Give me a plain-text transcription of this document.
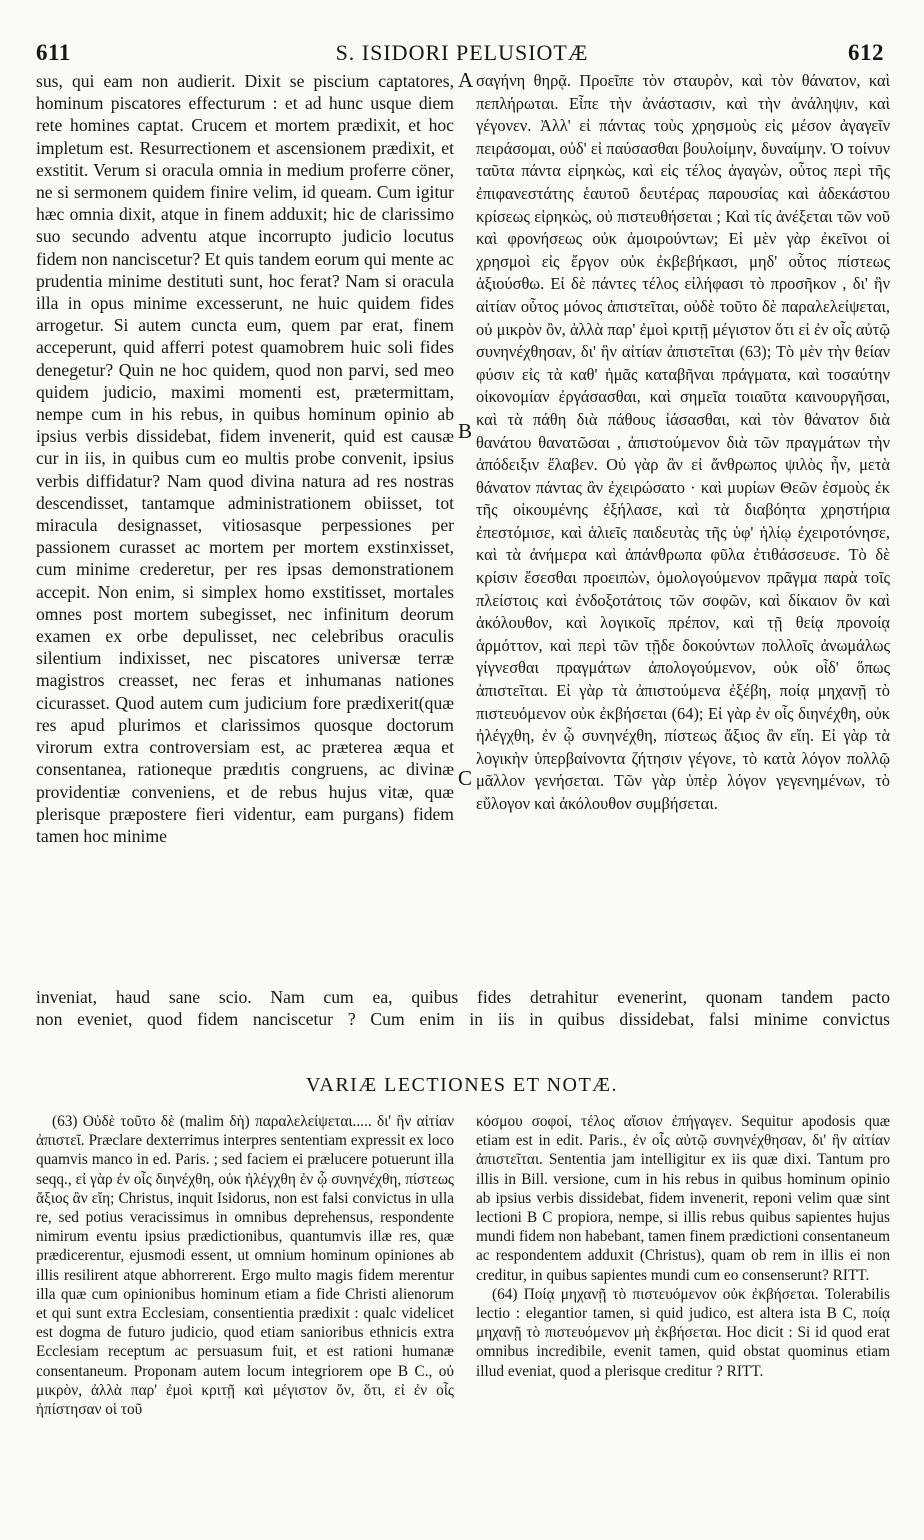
611	S. ISIDORI PELUSIOTÆ	612
sus, qui eam non audierit. Dixit se piscium captatores, hominum piscatores effecturum : et ad hunc usque diem rete homines captat. Crucem et mortem prædixit, et hoc impletum est. Resurrectionem et ascensionem prædixit, et exstitit. Verum si oracula omnia in medium proferre cöner, ne si sermonem quidem finire velim, id queam. Cum igitur hæc omnia dixit, atque in finem adduxit; hic de clarissimo suo secundo adventu atque incorrupto judicio locutus fidem non nanciscetur? Et quis tandem eorum qui mente ac prudentia minime destituti sunt, hoc ferat? Nam si oracula illa in opus minime excesserunt, ne huic quidem fides arrogetur. Si autem cuncta eum, quem par erat, finem acceperunt, quid afferri potest quamobrem huic soli fides denegetur? Quin ne hoc quidem, quod non parvi, sed meo quidem judicio, maximi momenti est, prætermittam, nempe cum in his rebus, in quibus hominum opinio ab ipsius verbis dissidebat, fidem invenerit, quid est causæ cur in iis, in quibus cum eo multis probe convenit, ipsius verbis diffidatur? Nam quod divina natura ad res nostras descendisset, tantamque administrationem obiisset, tot miracula designasset, vitiosasque perpessiones per passionem curasset ac mortem per mortem exstinxisset, cum minime crederetur, per res ipsas demonstrationem accepit. Non enim, si simplex homo exstitisset, mortales omnes post mortem subegisset, nec infinitum deorum examen ex orbe depulisset, nec celebribus oraculis silentium indixisset, nec piscatores universæ terræ magistros creasset, nec feras et inhumanas nationes cicurasset. Quod autem cum judicium fore prædixerit(quæ res apud plurimos et clarissimos quosque doctorum virorum extra controversiam est, ac præterea æqua et consentanea, rationeque prædıtis congruens, ac divinæ providentiæ conveniens, et de rebus hujus vitæ, quæ plerisque præpostere fieri videntur, eam purgans) fidem tamen hoc minime
A
B
C
σαγήνη θηρᾷ. Προεῖπε τὸν σταυρὸν, καὶ τὸν θάνατον, καὶ πεπλήρωται. Εἶπε τὴν ἀνάστασιν, καὶ τὴν ἀνάληψιν, καὶ γέγονεν. Ἀλλ' εἰ πάντας τοὺς χρησμοὺς εἰς μέσον ἀγαγεῖν πειράσομαι, οὐδ' εἰ παύσασθαι βουλοίμην, δυναίμην. Ὁ τοίνυν ταῦτα πάντα εἰρηκὼς, καὶ εἰς τέλος ἀγαγὼν, οὗτος περὶ τῆς ἐπιφανεστάτης ἑαυτοῦ δευτέρας παρουσίας καὶ ἀδεκάστου κρίσεως εἰρηκὼς, οὐ πιστευθήσεται ; Καὶ τίς ἀνέξεται τῶν νοῦ καὶ φρονήσεως οὐκ ἀμοιρούντων; Εἰ μὲν γὰρ ἐκεῖνοι οἱ χρησμοὶ εἰς ἔργον οὐκ ἐκβεβήκασι, μηδ' οὗτος πίστεως ἀξιούσθω. Εἰ δὲ πάντες τέλος εἰλήφασι τὸ προσῆκον , δι' ἣν αἰτίαν οὗτος μόνος ἀπιστεῖται, οὐδὲ τοῦτο δὲ παραλελείψεται, οὐ μικρὸν ὂν, ἀλλὰ παρ' ἐμοὶ κριτῇ μέγιστον ὅτι εἰ ἐν οἷς αὐτῷ συνηνέχθησαν, δι' ἣν αἰτίαν ἀπιστεῖται (63); Τὸ μὲν τὴν θείαν φύσιν εἰς τὰ καθ' ἡμᾶς καταβῆναι πράγματα, καὶ τοσαύτην οἰκονομίαν ἐργάσασθαι, καὶ σημεῖα τοιαῦτα καινουργῆσαι, καὶ τὰ πάθη διὰ πάθους ἰάσασθαι, καὶ τὸν θάνατον διὰ θανάτου θανατῶσαι , ἀπιστούμενον διὰ τῶν πραγμάτων τὴν ἀπόδειξιν ἔλαβεν. Οὐ γὰρ ἂν εἰ ἄνθρωπος ψιλὸς ἦν, μετὰ θάνατον πάντας ἂν ἐχειρώσατο · καὶ μυρίων Θεῶν ἐσμοὺς ἐκ τῆς οἰκουμένης ἐξήλασε, καὶ τὰ διαβόητα χρηστήρια ἐπεστόμισε, καὶ ἁλιεῖς παιδευτὰς τῆς ὑφ' ἡλίῳ ἐχειροτόνησε, καὶ τὰ ἀνήμερα καὶ ἀπάνθρωπα φῦλα ἐτιθάσσευσε. Τὸ δὲ κρίσιν ἔσεσθαι προειπὼν, ὁμολογούμενον πρᾶγμα παρὰ τοῖς πλείστοις καὶ ἐνδοξοτάτοις τῶν σοφῶν, καὶ δίκαιον ὂν καὶ ἀκόλουθον, καὶ λογικοῖς πρέπον, καὶ τῇ θείᾳ προνοίᾳ ἁρμόττον, καὶ περὶ τῶν τῇδε δοκούντων πολλοῖς ἀνωμάλως γίγνεσθαι πραγμάτων ἀπολογούμενον, οὐκ οἶδ' ὅπως ἀπιστεῖται. Εἰ γὰρ τὰ ἀπιστούμενα ἐξέβη, ποίᾳ μηχανῇ τὸ πιστευόμενον οὐκ ἐκβήσεται (64); Εἰ γὰρ ἐν οἷς διηνέχθη, οὐκ ἠλέγχθη, ἐν ᾧ συνηνέχθη, πίστεως ἄξιος ἂν εἴη. Εἰ γὰρ τὰ λογικὴν ὑπερβαίνοντα ζήτησιν γέγονε, τὸ κατὰ λόγον πολλῷ μᾶλλον γενήσεται. Τῶν γὰρ ὑπὲρ λόγον γεγενημένων, τὸ εὔλογον καὶ ἀκόλουθον συμβήσεται.
inveniat, haud sane scio. Nam cum ea, quibus fides detrahitur evenerint, quonam tandem pacto
non eveniet, quod fidem nanciscetur ? Cum enim in iis in quibus dissidebat, falsi minime convictus
VARIÆ LECTIONES ET NOTÆ.

(63) Οὐδὲ τοῦτο δὲ (malim δὴ) παραλελείψεται..... δι' ἣν αἰτίαν ἀπιστεῖ. Præclare dexterrimus interpres sententiam expressit ex loco quamvis manco in ed. Paris. ; sed faciem ei prælucere potuerunt illa seqq., εἰ γὰρ ἐν οἷς διηνέχθη, οὐκ ἠλέγχθη ἐν ᾧ συνηνέχθη, πίστεως ἄξιος ἂν εἴη; Christus, inquit Isidorus, non est falsi convictus in ulla re, sed potius veracissimus in omnibus deprehensus, respondente nimirum eventu ipsius prædictionibus, quantumvis illæ res, quæ prædicerentur, ejusmodi essent, ut omnium hominum opiniones ab illis resilirent atque abhorrerent. Ergo multo magis fidem merentur illa quæ cum opinionibus hominum etiam a fide Christi alienorum et qui sunt extra Ecclesiam, consentientia prædixit : qualc videlicet est dogma de futuro judicio, quod etiam sanioribus ethnicis extra Ecclesiam receptum ac persuasum fuit, et est rationi humanæ consentaneum. Proponam autem locum integriorem ope B C., οὐ μικρὸν, ἀλλὰ παρ' ἐμοὶ κριτῇ καὶ μέγιστον ὄν, ὅτι, εἰ ἐν οἷς ἠπίστησαν οἱ τοῦ

κόσμου σοφοί, τέλος αἴσιον ἐπήγαγεν. Sequitur apodosis quæ etiam est in edit. Paris., ἐν οἷς αὐτῷ συνηνέχθησαν, δι' ἣν αἰτίαν ἀπιστεῖται. Sententia jam intelligitur ex iis quæ dixi. Tantum pro illis in Bill. versione, cum in his rebus in quibus hominum opinio ab ipsius verbis dissidebat, fidem invenerit, reponi velim quæ sint lectioni B C propiora, nempe, si illis rebus quibus sapientes hujus mundi fidem non habebant, tamen finem prædictioni consentaneum ac respondentem adduxit (Christus), quam ob rem in illis ei non creditur, in quibus sapientes mundi cum eo consenserunt? RITT.

(64) Ποίᾳ μηχανῇ τὸ πιστευόμενον οὐκ ἐκβήσεται. Tolerabilis lectio : elegantior tamen, si quid judico, est altera ista B C, ποίᾳ μηχανῇ τὸ πιστευόμενον μὴ ἐκβήσεται. Hoc dicit : Si id quod erat omnibus incredibile, evenit tamen, quid obstat quominus etiam illud eveniat, quod a plerisque creditur ? RITT.
